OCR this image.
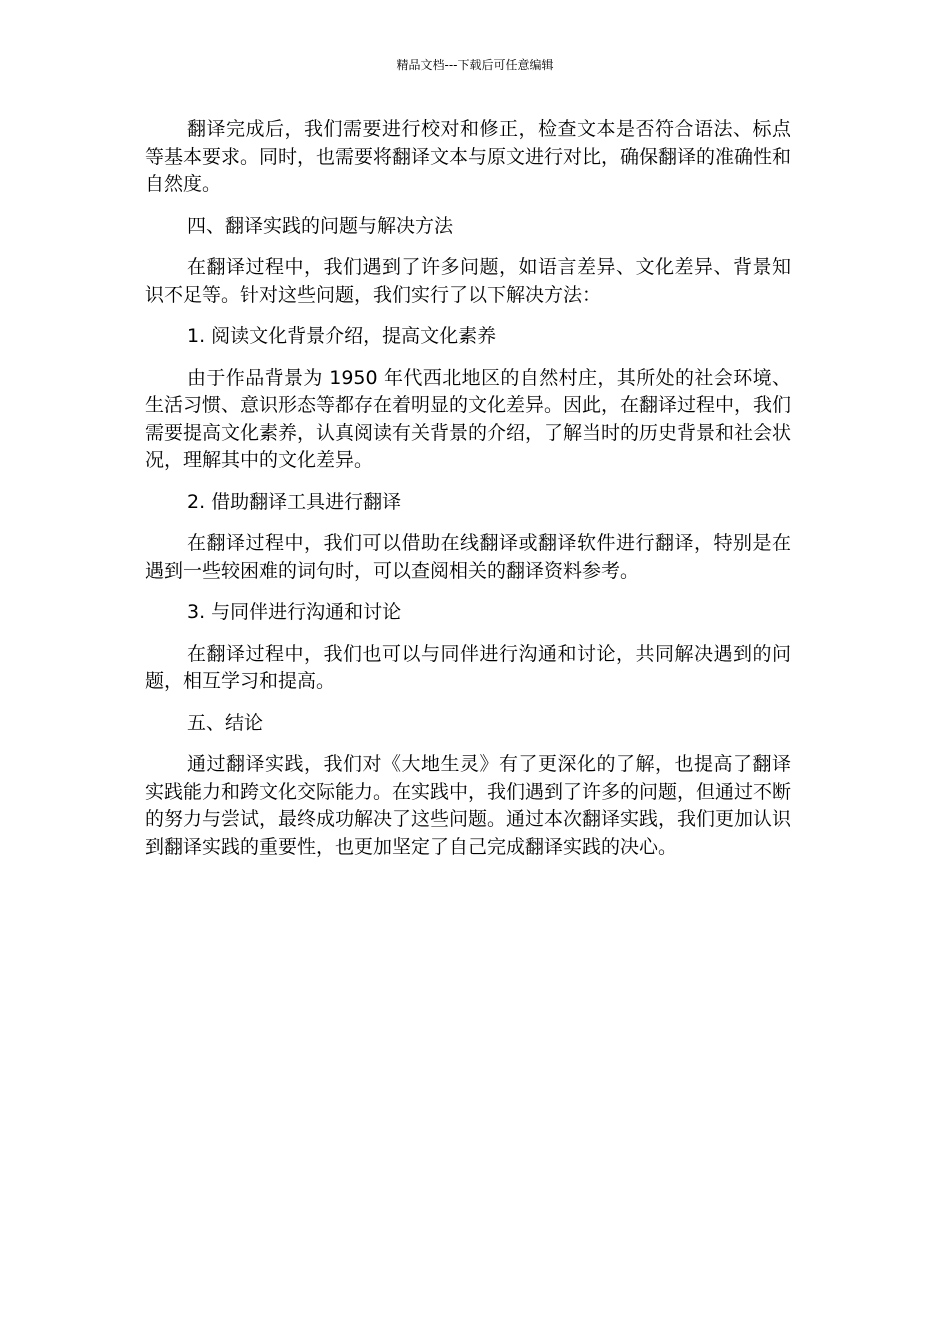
精品文档---下载后可任意编辑

翻译完成后，我们需要进行校对和修正，检查文本是否符合语法、标点等基本要求。同时，也需要将翻译文本与原文进行对比，确保翻译的准确性和自然度。

四、翻译实践的问题与解决方法

在翻译过程中，我们遇到了许多问题，如语言差异、文化差异、背景知识不足等。针对这些问题，我们实行了以下解决方法：

1. 阅读文化背景介绍，提高文化素养

由于作品背景为 1950 年代西北地区的自然村庄，其所处的社会环境、生活习惯、意识形态等都存在着明显的文化差异。因此，在翻译过程中，我们需要提高文化素养，认真阅读有关背景的介绍，了解当时的历史背景和社会状况，理解其中的文化差异。

2. 借助翻译工具进行翻译

在翻译过程中，我们可以借助在线翻译或翻译软件进行翻译，特别是在遇到一些较困难的词句时，可以查阅相关的翻译资料参考。

3. 与同伴进行沟通和讨论

在翻译过程中，我们也可以与同伴进行沟通和讨论，共同解决遇到的问题，相互学习和提高。

五、结论

通过翻译实践，我们对《大地生灵》有了更深化的了解，也提高了翻译实践能力和跨文化交际能力。在实践中，我们遇到了许多的问题，但通过不断的努力与尝试，最终成功解决了这些问题。通过本次翻译实践，我们更加认识到翻译实践的重要性，也更加坚定了自己完成翻译实践的决心。
